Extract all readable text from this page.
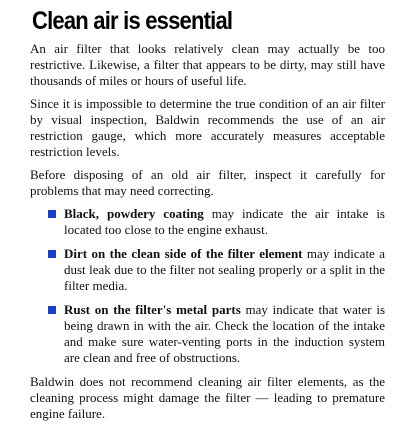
Clean air is essential

An air filter that looks relatively clean may actually be too restrictive. Likewise, a filter that appears to be dirty, may still have thousands of miles or hours of useful life.

Since it is impossible to determine the true condition of an air filter by visual inspection, Baldwin recommends the use of an air restriction gauge, which more accurately measures acceptable restriction levels.

Before disposing of an old air filter, inspect it carefully for problems that may need correcting.

Black, powdery coating may indicate the air intake is located too close to the engine exhaust.
Dirt on the clean side of the filter element may indicate a dust leak due to the filter not sealing properly or a split in the filter media.
Rust on the filter's metal parts may indicate that water is being drawn in with the air. Check the location of the intake and make sure water-venting ports in the induction system are clean and free of obstructions.

Baldwin does not recommend cleaning air filter elements, as the cleaning process might damage the filter — leading to premature engine failure.
